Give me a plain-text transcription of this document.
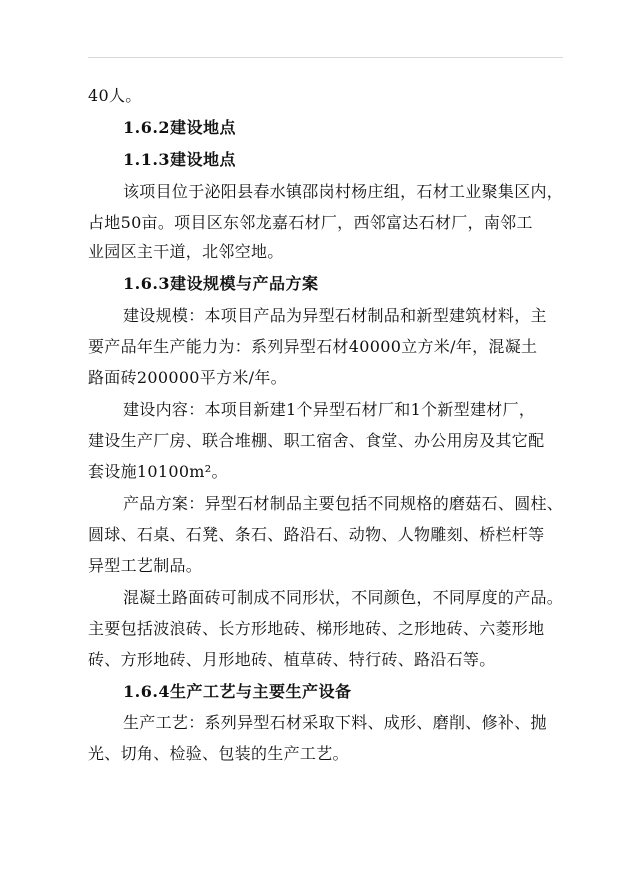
40人。
1.6.2建设地点
1.1.3建设地点
该项目位于泌阳县春水镇邵岗村杨庄组，石材工业聚集区内，
占地50亩。项目区东邻龙嘉石材厂，西邻富达石材厂，南邻工
业园区主干道，北邻空地。
1.6.3建设规模与产品方案
建设规模：本项目产品为异型石材制品和新型建筑材料，主
要产品年生产能力为：系列异型石材40000立方米/年，混凝土
路面砖200000平方米/年。
建设内容：本项目新建1个异型石材厂和1个新型建材厂，
建设生产厂房、联合堆棚、职工宿舍、食堂、办公用房及其它配
套设施10100m²。
产品方案：异型石材制品主要包括不同规格的磨菇石、圆柱、
圆球、石桌、石凳、条石、路沿石、动物、人物雕刻、桥栏杆等
异型工艺制品。
混凝土路面砖可制成不同形状，不同颜色，不同厚度的产品。
主要包括波浪砖、长方形地砖、梯形地砖、之形地砖、六菱形地
砖、方形地砖、月形地砖、植草砖、特行砖、路沿石等。
1.6.4生产工艺与主要生产设备
生产工艺：系列异型石材采取下料、成形、磨削、修补、抛
光、切角、检验、包装的生产工艺。
